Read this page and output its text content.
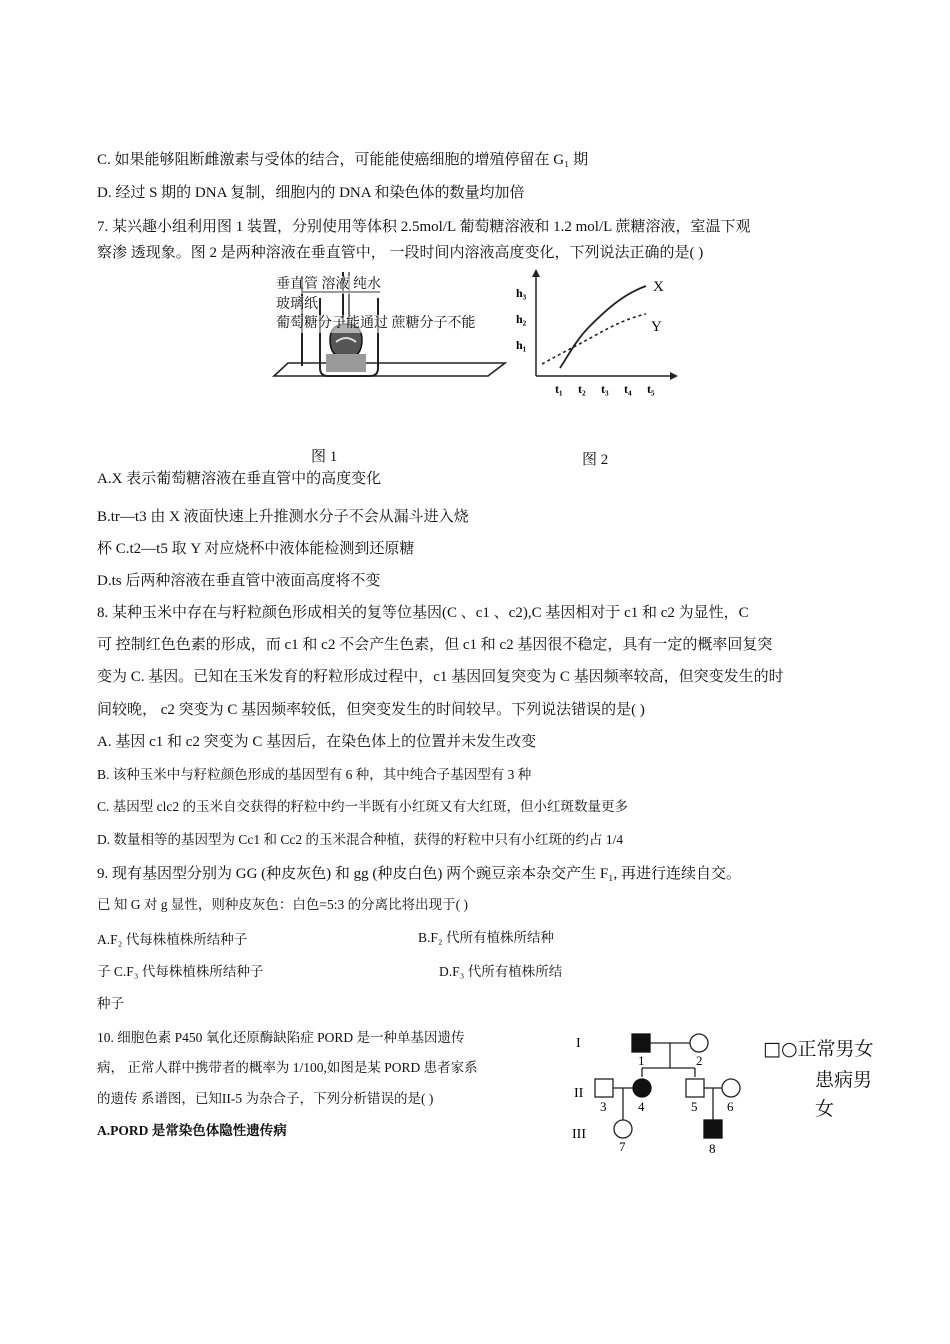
C. 如果能够阻断雌激素与受体的结合，可能能使癌细胞的增殖停留在 G₁ 期
D. 经过 S 期的 DNA 复制，细胞内的 DNA 和染色体的数量均加倍
7. 某兴趣小组利用图 1 装置，分别使用等体积 2.5mol/L 葡萄糖溶液和 1.2 mol/L 蔗糖溶液，室温下观
察渗 透现象。图 2 是两种溶液在垂直管中， 一段时间内溶液高度变化，下列说法正确的是( )
垂直管 溶液 纯水
玻璃纸
葡萄糖分子能通过 蔗糖分子不能
h₃
h₂
h₁
t₁ t₂ t₃ t₄ t₅
X
Y
图 1	图 2
A.X 表示葡萄糖溶液在垂直管中的高度变化
B.tr—t3 由 X 液面快速上升推测水分子不会从漏斗进入烧
杯 C.t2—t5 取 Y 对应烧杯中液体能检测到还原糖
D.ts 后两种溶液在垂直管中液面高度将不变
8. 某种玉米中存在与籽粒颜色形成相关的复等位基因(C 、c1 、c2),C 基因相对于 c1 和 c2 为显性，C
可 控制红色色素的形成，而 c1 和 c2 不会产生色素，但 c1 和 c2 基因很不稳定，具有一定的概率回复突
变为 C. 基因。已知在玉米发育的籽粒形成过程中，c1 基因回复突变为 C 基因频率较高，但突变发生的时
间较晚， c2 突变为 C 基因频率较低，但突变发生的时间较早。下列说法错误的是( )
A. 基因 c1 和 c2 突变为 C 基因后，在染色体上的位置并未发生改变
B. 该种玉米中与籽粒颜色形成的基因型有 6 种，其中纯合子基因型有 3 种
C. 基因型 clc2 的玉米自交获得的籽粒中约一半既有小红斑又有大红斑，但小红斑数量更多
D. 数量相等的基因型为 Cc1 和 Cc2 的玉米混合种植，获得的籽粒中只有小红斑的约占 1/4
9. 现有基因型分别为 GG (种皮灰色) 和 gg (种皮白色) 两个豌豆亲本杂交产生 F₁, 再进行连续自交。
已 知 G 对 g 显性，则种皮灰色：白色=5:3 的分离比将出现于( )
A.F₂ 代每株植株所结种子	B.F₂ 代所有植株所结种
子 C.F₃ 代每株植株所结种子	D.F₃ 代所有植株所结
种子
10. 细胞色素 P450 氧化还原酶缺陷症 PORD 是一种单基因遗传
病， 正常人群中携带者的概率为 1/100,如图是某 PORD 患者家系
的遗传 系谱图，已知II-5 为杂合子，下列分析错误的是( )
A.PORD 是常染色体隐性遗传病
I
II
III
1	2
3 4	5 6
7	8
□○正常男女
患病男
女
